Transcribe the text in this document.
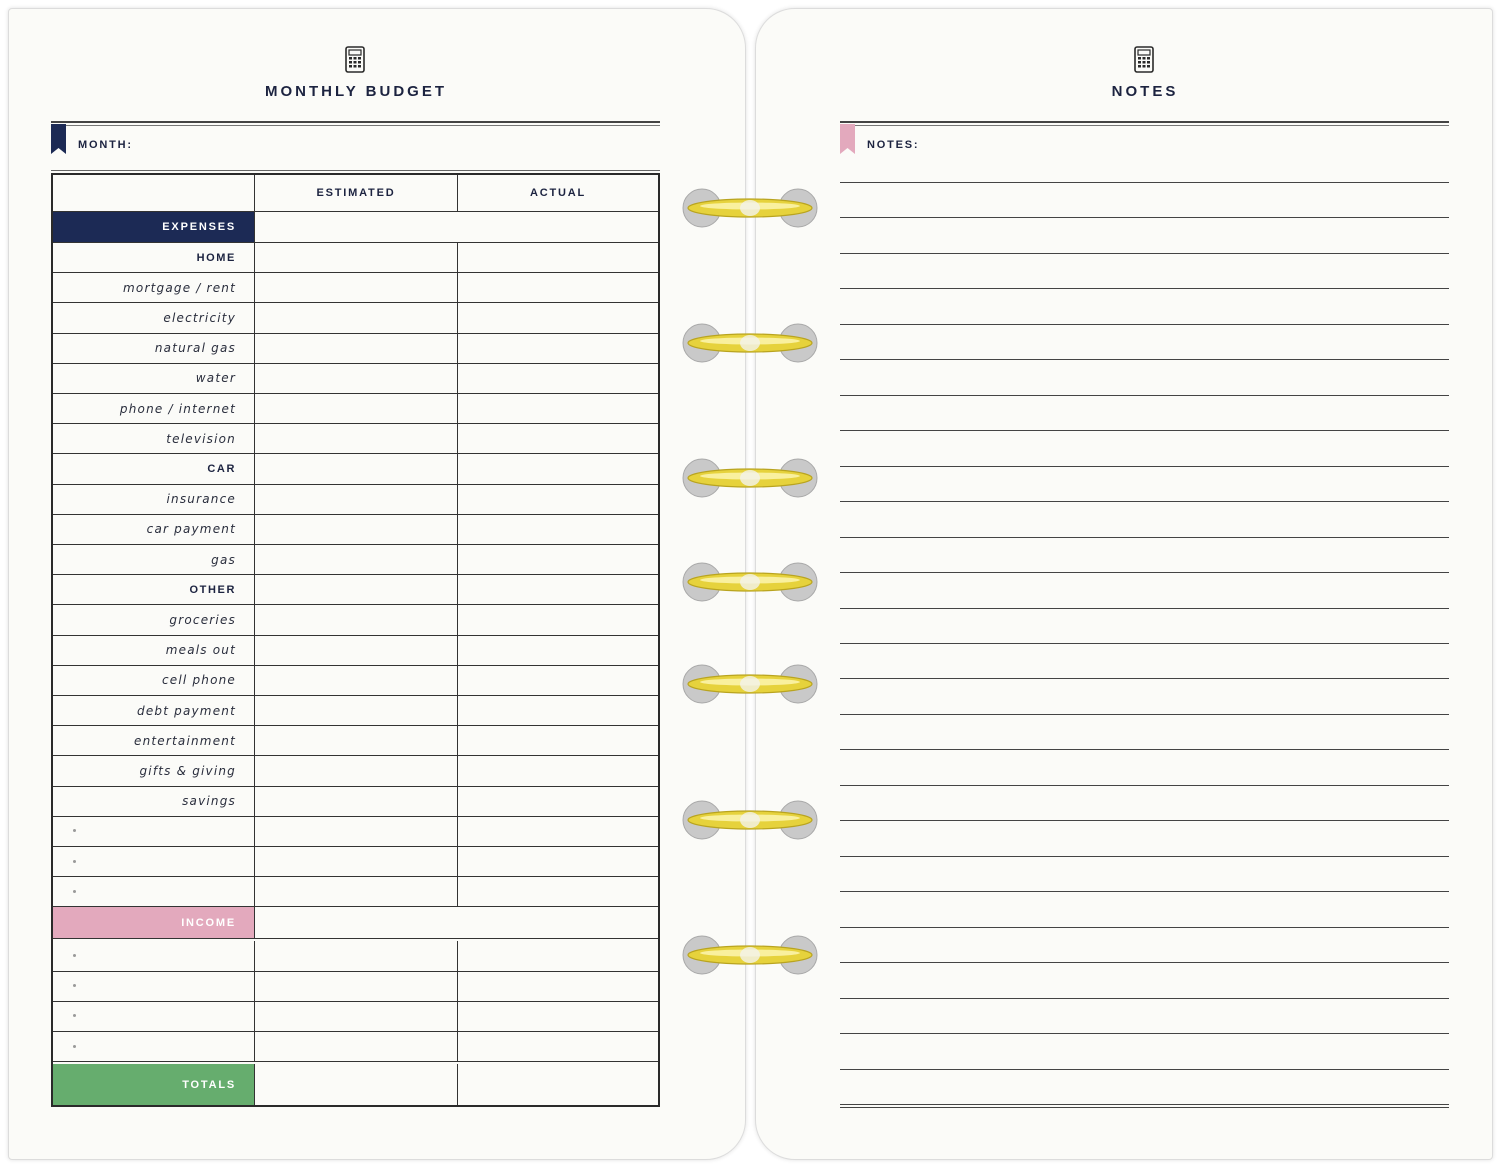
MONTHLY BUDGET
MONTH:
ESTIMATED	ACTUAL
EXPENSES
HOME
mortgage / rent
electricity
natural gas
water
phone / internet
television
CAR
insurance
car payment
gas
OTHER
groceries
meals out
cell phone
debt payment
entertainment
gifts & giving
savings
INCOME
TOTALS
NOTES
NOTES:
